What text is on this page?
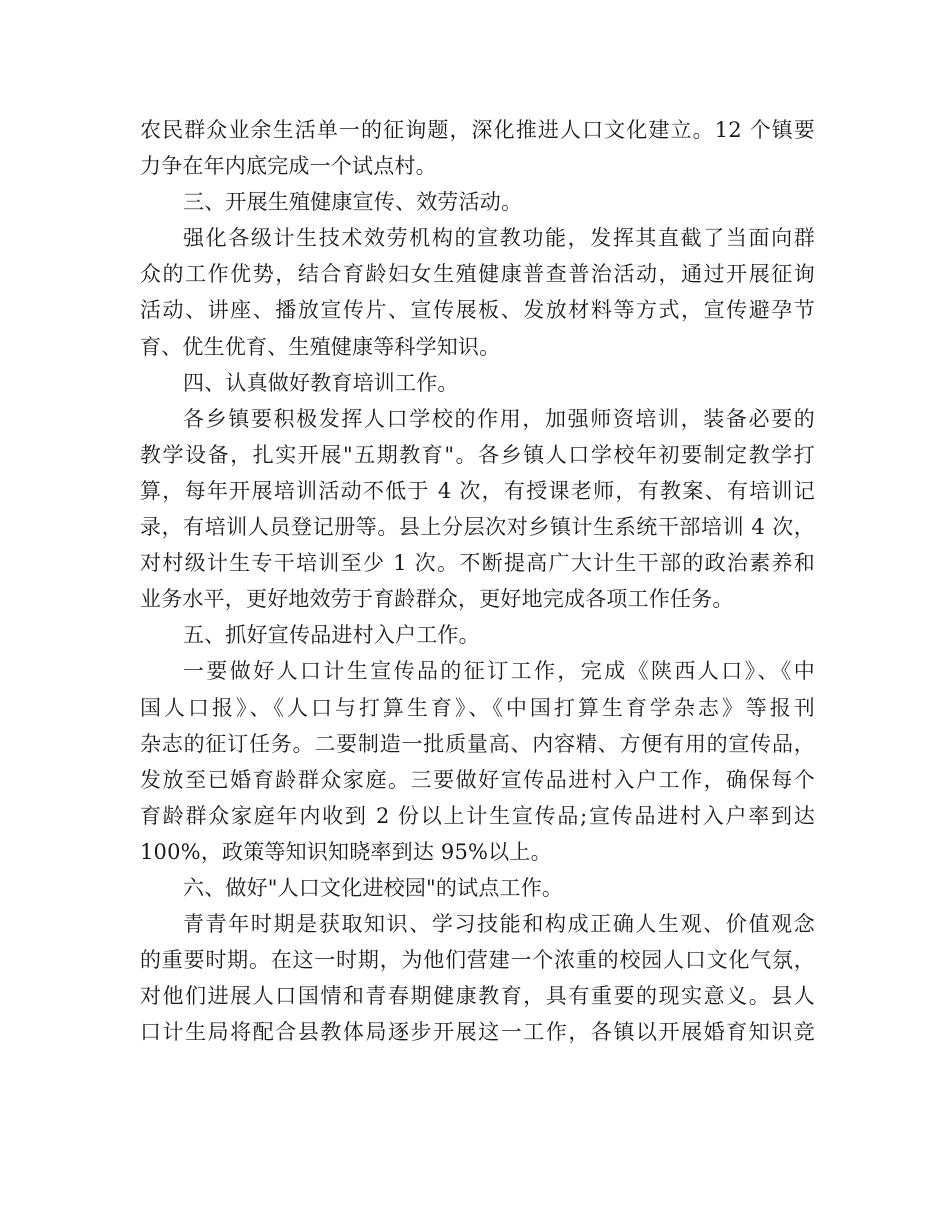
农民群众业余生活单一的征询题，深化推进人口文化建立。12 个镇要
力争在年内底完成一个试点村。
三、开展生殖健康宣传、效劳活动。
强化各级计生技术效劳机构的宣教功能，发挥其直截了当面向群
众的工作优势，结合育龄妇女生殖健康普查普治活动，通过开展征询
活动、讲座、播放宣传片、宣传展板、发放材料等方式，宣传避孕节
育、优生优育、生殖健康等科学知识。
四、认真做好教育培训工作。
各乡镇要积极发挥人口学校的作用，加强师资培训，装备必要的
教学设备，扎实开展"五期教育"。各乡镇人口学校年初要制定教学打
算，每年开展培训活动不低于 4 次，有授课老师，有教案、有培训记
录，有培训人员登记册等。县上分层次对乡镇计生系统干部培训 4 次，
对村级计生专干培训至少 1 次。不断提高广大计生干部的政治素养和
业务水平，更好地效劳于育龄群众，更好地完成各项工作任务。
五、抓好宣传品进村入户工作。
一要做好人口计生宣传品的征订工作，完成《陕西人口》、《中
国人口报》、《人口与打算生育》、《中国打算生育学杂志》等报刊
杂志的征订任务。二要制造一批质量高、内容精、方便有用的宣传品，
发放至已婚育龄群众家庭。三要做好宣传品进村入户工作，确保每个
育龄群众家庭年内收到 2 份以上计生宣传品;宣传品进村入户率到达
100%，政策等知识知晓率到达 95%以上。
六、做好"人口文化进校园"的试点工作。
青青年时期是获取知识、学习技能和构成正确人生观、价值观念
的重要时期。在这一时期，为他们营建一个浓重的校园人口文化气氛，
对他们进展人口国情和青春期健康教育，具有重要的现实意义。县人
口计生局将配合县教体局逐步开展这一工作，各镇以开展婚育知识竞
